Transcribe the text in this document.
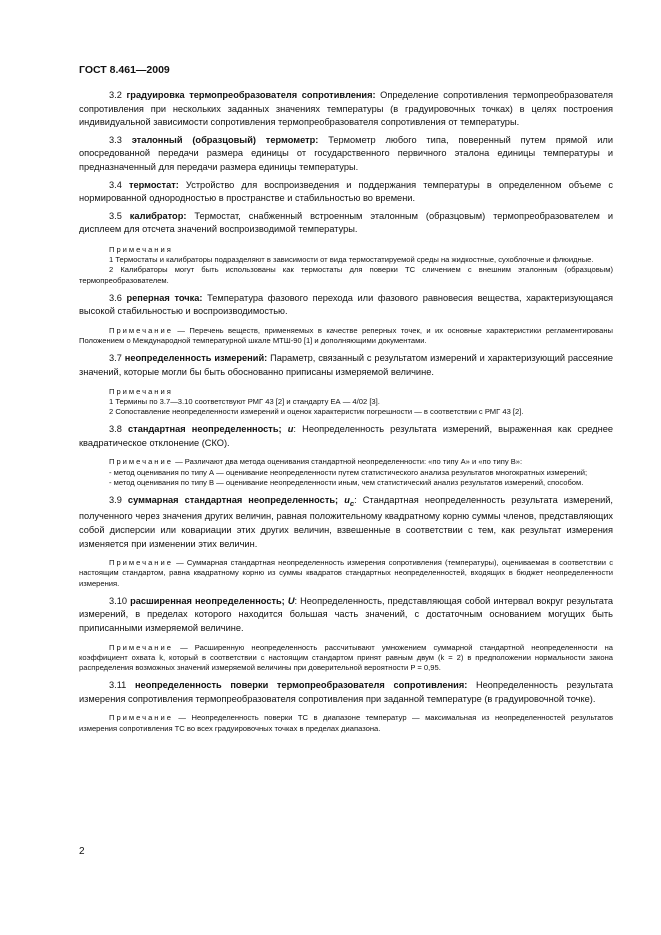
ГОСТ 8.461—2009

3.2 градуировка термопреобразователя сопротивления: Определение сопротивления термопреобразователя сопротивления при нескольких заданных значениях температуры (в градуировочных точках) в целях построения индивидуальной зависимости сопротивления термопреобразователя сопротивления от температуры.

3.3 эталонный (образцовый) термометр: Термометр любого типа, поверенный путем прямой или опосредованной передачи размера единицы от государственного первичного эталона единицы температуры и предназначенный для передачи размера единицы температуры.

3.4 термостат: Устройство для воспроизведения и поддержания температуры в определенном объеме с нормированной однородностью в пространстве и стабильностью во времени.

3.5 калибратор: Термостат, снабженный встроенным эталонным (образцовым) термопреобразователем и дисплеем для отсчета значений воспроизводимой температуры.

Примечания
1 Термостаты и калибраторы подразделяют в зависимости от вида термостатируемой среды на жидкостные, сухоблочные и флюидные.
2 Калибраторы могут быть использованы как термостаты для поверки ТС сличением с внешним эталонным (образцовым) термопреобразователем.

3.6 реперная точка: Температура фазового перехода или фазового равновесия вещества, характеризующаяся высокой стабильностью и воспроизводимостью.

Примечание — Перечень веществ, применяемых в качестве реперных точек, и их основные характеристики регламентированы Положением о Международной температурной шкале МТШ-90 [1] и дополняющими документами.

3.7 неопределенность измерений: Параметр, связанный с результатом измерений и характеризующий рассеяние значений, которые могли бы быть обоснованно приписаны измеряемой величине.

Примечания
1 Термины по 3.7—3.10 соответствуют РМГ 43 [2] и стандарту ЕА — 4/02 [3].
2 Сопоставление неопределенности измерений и оценок характеристик погрешности — в соответствии с РМГ 43 [2].

3.8 стандартная неопределенность; u: Неопределенность результата измерений, выраженная как среднее квадратическое отклонение (СКО).

Примечание — Различают два метода оценивания стандартной неопределенности: «по типу А» и «по типу В»:
- метод оценивания по типу А — оценивание неопределенности путем статистического анализа результатов многократных измерений;
- метод оценивания по типу В — оценивание неопределенности иным, чем статистический анализ результатов измерений, способом.

3.9 суммарная стандартная неопределенность; $u_c$: Стандартная неопределенность результата измерений, полученного через значения других величин, равная положительному квадратному корню суммы членов, представляющих собой дисперсии или ковариации этих других величин, взвешенные в соответствии с тем, как результат измерения изменяется при изменении этих величин.

Примечание — Суммарная стандартная неопределенность измерения сопротивления (температуры), оцениваемая в соответствии с настоящим стандартом, равна квадратному корню из суммы квадратов стандартных неопределенностей, входящих в бюджет неопределенности измерения.

3.10 расширенная неопределенность; U: Неопределенность, представляющая собой интервал вокруг результата измерений, в пределах которого находится большая часть значений, с достаточным основанием могущих быть приписанными измеряемой величине.

Примечание — Расширенную неопределенность рассчитывают умножением суммарной стандартной неопределенности на коэффициент охвата k, который в соответствии с настоящим стандартом принят равным двум (k = 2) в предположении нормальности закона распределения возможных значений измеряемой величины при доверительной вероятности P = 0,95.

3.11 неопределенность поверки термопреобразователя сопротивления: Неопределенность результата измерения сопротивления термопреобразователя сопротивления при заданной температуре (в градуировочной точке).

Примечание — Неопределенность поверки ТС в диапазоне температур — максимальная из неопределенностей результатов измерения сопротивления ТС во всех градуировочных точках в пределах диапазона.
2
